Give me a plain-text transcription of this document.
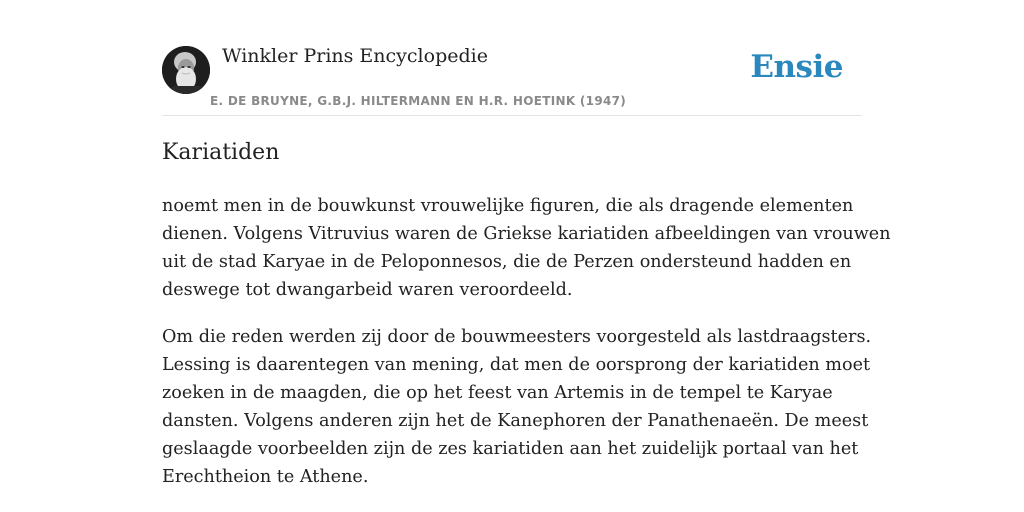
Winkler Prins Encyclopedie
E. DE BRUYNE, G.B.J. HILTERMANN EN H.R. HOETINK (1947)
Ensie
Kariatiden

noemt men in de bouwkunst vrouwelijke figuren, die als dragende elementen
dienen. Volgens Vitruvius waren de Griekse kariatiden afbeeldingen van vrouwen
uit de stad Karyae in de Peloponnesos, die de Perzen ondersteund hadden en
deswege tot dwangarbeid waren veroordeeld.

Om die reden werden zij door de bouwmeesters voorgesteld als lastdraagsters.
Lessing is daarentegen van mening, dat men de oorsprong der kariatiden moet
zoeken in de maagden, die op het feest van Artemis in de tempel te Karyae
dansten. Volgens anderen zijn het de Kanephoren der Panathenaeën. De meest
geslaagde voorbeelden zijn de zes kariatiden aan het zuidelijk portaal van het
Erechtheion te Athene.
